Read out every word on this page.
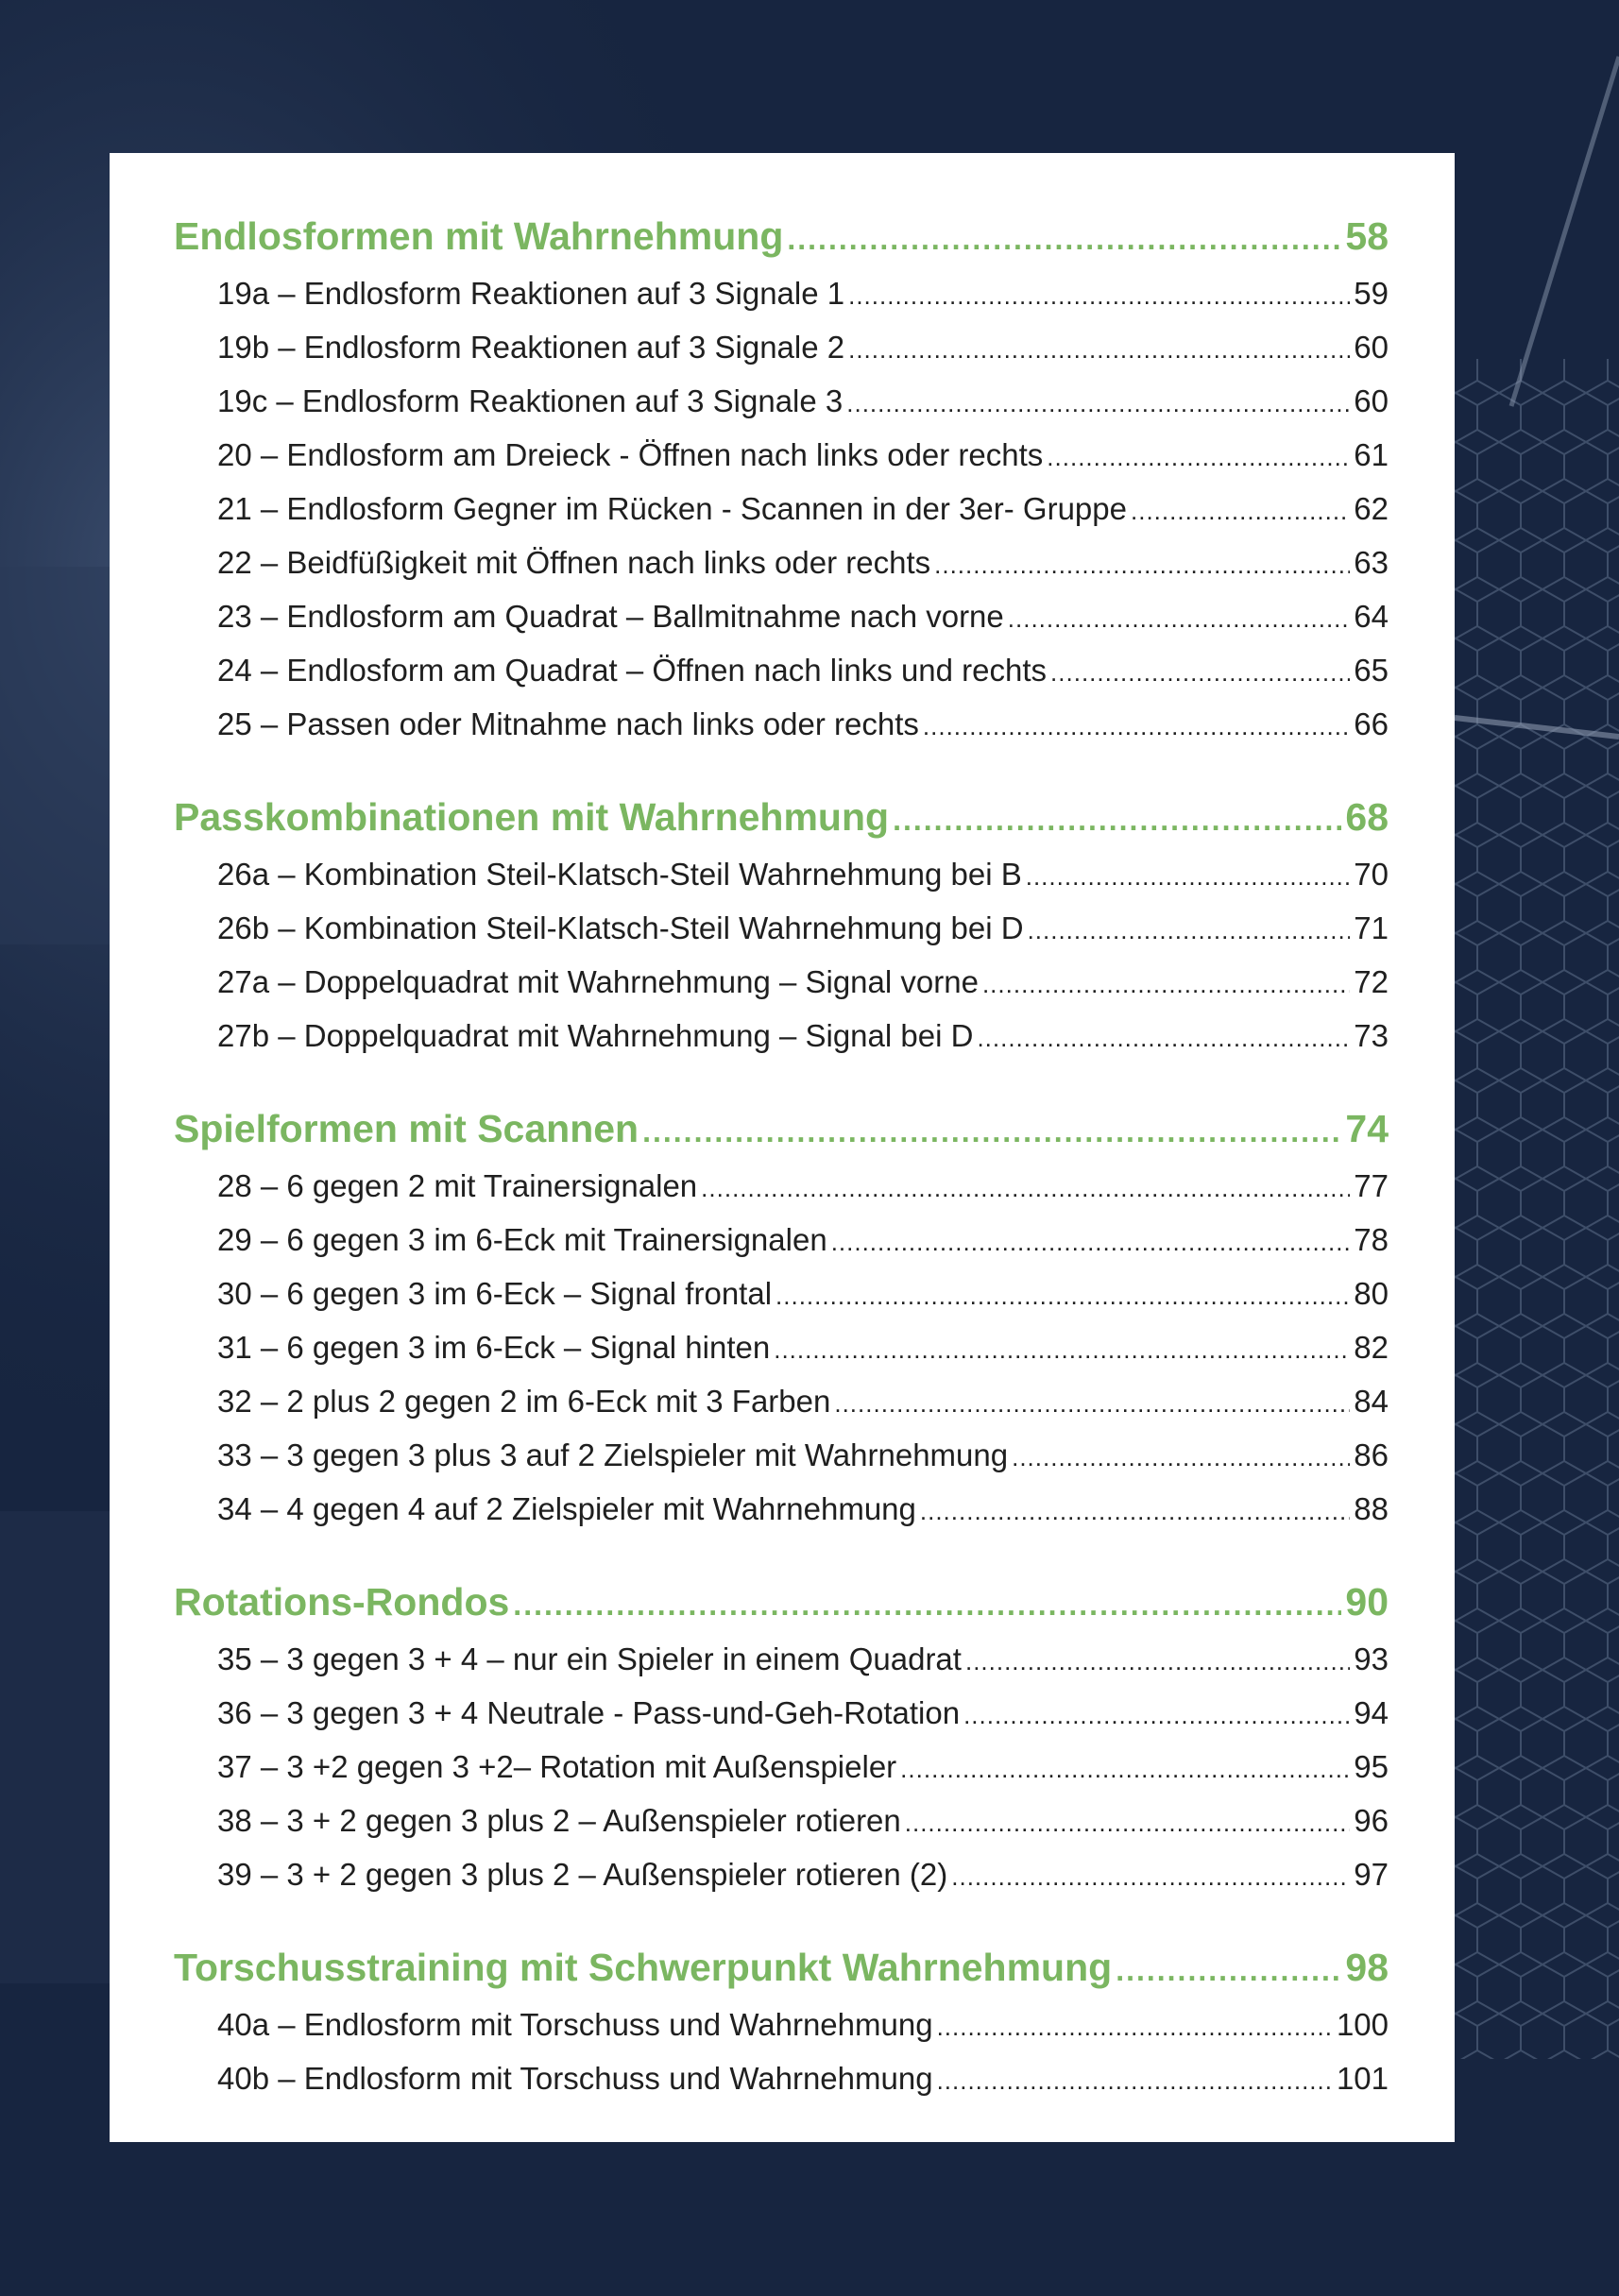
Endlosformen mit Wahrnehmung .....	58
19a – Endlosform Reaktionen auf 3 Signale 1 .....	59
19b – Endlosform Reaktionen auf 3 Signale 2 .....	60
19c – Endlosform Reaktionen auf 3 Signale 3 .....	60
20 – Endlosform am Dreieck - Öffnen nach links oder rechts .....	61
21 – Endlosform Gegner im Rücken - Scannen in der 3er- Gruppe .....	62
22 – Beidfüßigkeit mit Öffnen nach links oder rechts .....	63
23 – Endlosform am Quadrat – Ballmitnahme nach vorne .....	64
24 – Endlosform am Quadrat – Öffnen nach links und rechts .....	65
25 – Passen oder Mitnahme nach links oder rechts .....	66
Passkombinationen mit Wahrnehmung .....	68
26a – Kombination Steil-Klatsch-Steil Wahrnehmung bei B .....	70
26b – Kombination Steil-Klatsch-Steil Wahrnehmung bei D .....	71
27a – Doppelquadrat mit Wahrnehmung – Signal vorne .....	72
27b – Doppelquadrat mit Wahrnehmung – Signal bei D .....	73
Spielformen mit Scannen .....	74
28 – 6 gegen 2 mit Trainersignalen .....	77
29 – 6 gegen 3 im 6-Eck mit Trainersignalen .....	78
30 – 6 gegen 3 im 6-Eck – Signal frontal .....	80
31 – 6 gegen 3 im 6-Eck – Signal hinten .....	82
32 – 2 plus 2 gegen 2 im 6-Eck mit 3 Farben .....	84
33 – 3 gegen 3 plus 3 auf 2 Zielspieler mit Wahrnehmung .....	86
34 – 4 gegen 4 auf 2 Zielspieler mit Wahrnehmung .....	88
Rotations-Rondos .....	90
35 – 3 gegen 3 + 4 – nur ein Spieler in einem Quadrat .....	93
36 – 3 gegen 3 + 4 Neutrale - Pass-und-Geh-Rotation .....	94
37 – 3 +2 gegen 3 +2– Rotation mit Außenspieler .....	95
38 – 3 + 2 gegen 3 plus 2 – Außenspieler rotieren .....	96
39 – 3 + 2 gegen 3 plus 2 – Außenspieler rotieren (2) .....	97
Torschusstraining mit Schwerpunkt Wahrnehmung .....	98
40a – Endlosform mit Torschuss und Wahrnehmung .....	100
40b – Endlosform mit Torschuss und Wahrnehmung .....	101
